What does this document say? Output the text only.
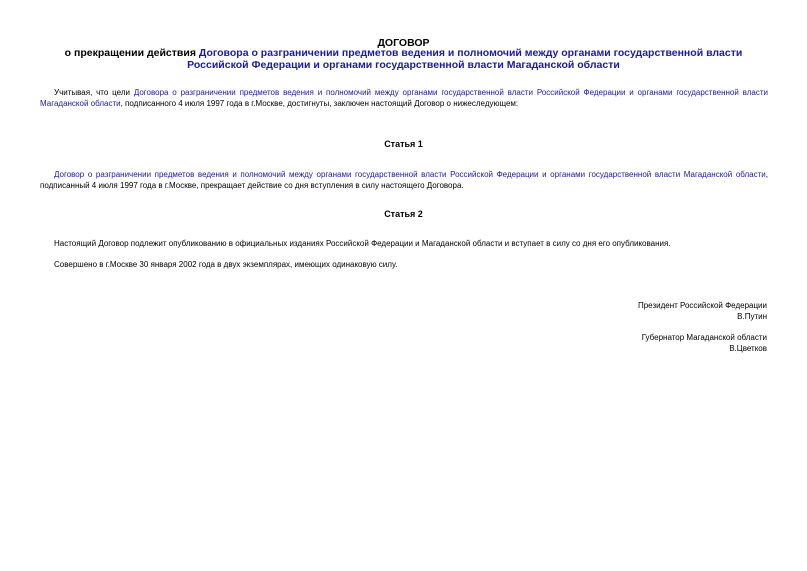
ДОГОВОР
о прекращении действия Договора о разграничении предметов ведения и полномочий между органами государственной власти Российской Федерации и органами государственной власти Магаданской области
Учитывая, что цели Договора о разграничении предметов ведения и полномочий между органами государственной власти Российской Федерации и органами государственной власти Магаданской области, подписанного 4 июля 1997 года в г.Москве, достигнуты, заключен настоящий Договор о нижеследующем:
Статья 1
Договор о разграничении предметов ведения и полномочий между органами государственной власти Российской Федерации и органами государственной власти Магаданской области, подписанный 4 июля 1997 года в г.Москве, прекращает действие со дня вступления в силу настоящего Договора.
Статья 2
Настоящий Договор подлежит опубликованию в официальных изданиях Российской Федерации и Магаданской области и вступает в силу со дня его опубликования.
Совершено в г.Москве 30 января 2002 года в двух экземплярах, имеющих одинаковую силу.
Президент Российской Федерации
В.Путин
Губернатор Магаданской области
В.Цветков
